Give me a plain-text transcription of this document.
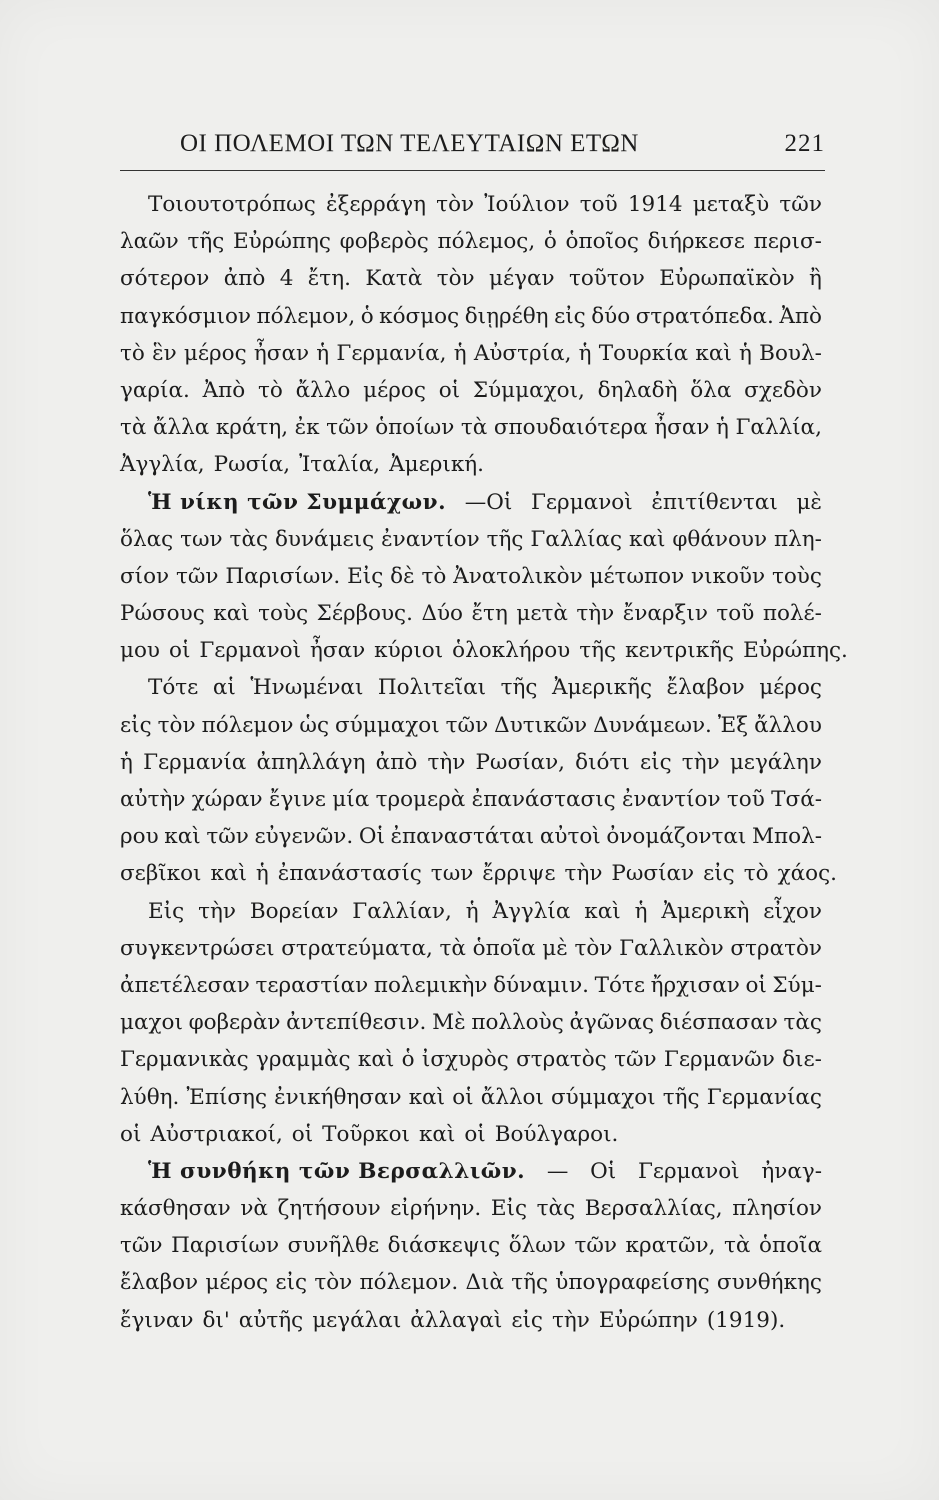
ΟΙ ΠΟΛΕΜΟΙ ΤΩΝ ΤΕΛΕΥΤΑΙΩΝ ΕΤΩΝ	221
Τοιουτοτρόπως ἐξερράγη τὸν Ἰούλιον τοῦ 1914 μεταξὺ τῶν
λαῶν τῆς Εὐρώπης φοβερὸς πόλεμος, ὁ ὁποῖος διήρκεσε περισ-
σότερον ἀπὸ 4 ἔτη. Κατὰ τὸν μέγαν τοῦτον Εὐρωπαϊκὸν ἢ
παγκόσμιον πόλεμον, ὁ κόσμος διῃρέθη εἰς δύο στρατόπεδα. Ἀπὸ
τὸ ἓν μέρος ἦσαν ἡ Γερμανία, ἡ Αὐστρία, ἡ Τουρκία καὶ ἡ Βουλ-
γαρία. Ἀπὸ τὸ ἄλλο μέρος οἱ Σύμμαχοι, δηλαδὴ ὅλα σχεδὸν
τὰ ἄλλα κράτη, ἐκ τῶν ὁποίων τὰ σπουδαιότερα ἦσαν ἡ Γαλλία,
Ἀγγλία, Ρωσία, Ἰταλία, Ἀμερική.
Ἡ νίκη τῶν Συμμάχων. —Οἱ Γερμανοὶ ἐπιτίθενται μὲ
ὅλας των τὰς δυνάμεις ἐναντίον τῆς Γαλλίας καὶ φθάνουν πλη-
σίον τῶν Παρισίων. Εἰς δὲ τὸ Ἀνατολικὸν μέτωπον νικοῦν τοὺς
Ρώσους καὶ τοὺς Σέρβους. Δύο ἔτη μετὰ τὴν ἔναρξιν τοῦ πολέ-
μου οἱ Γερμανοὶ ἦσαν κύριοι ὁλοκλήρου τῆς κεντρικῆς Εὐρώπης.
Τότε αἱ Ἡνωμέναι Πολιτεῖαι τῆς Ἀμερικῆς ἔλαβον μέρος
εἰς τὸν πόλεμον ὡς σύμμαχοι τῶν Δυτικῶν Δυνάμεων. Ἐξ ἄλλου
ἡ Γερμανία ἀπηλλάγη ἀπὸ τὴν Ρωσίαν, διότι εἰς τὴν μεγάλην
αὐτὴν χώραν ἔγινε μία τρομερὰ ἐπανάστασις ἐναντίον τοῦ Τσά-
ρου καὶ τῶν εὐγενῶν. Οἱ ἐπαναστάται αὐτοὶ ὀνομάζονται Μπολ-
σεβῖκοι καὶ ἡ ἐπανάστασίς των ἔρριψε τὴν Ρωσίαν εἰς τὸ χάος.
Εἰς τὴν Βορείαν Γαλλίαν, ἡ Ἀγγλία καὶ ἡ Ἀμερικὴ εἶχον
συγκεντρώσει στρατεύματα, τὰ ὁποῖα μὲ τὸν Γαλλικὸν στρατὸν
ἀπετέλεσαν τεραστίαν πολεμικὴν δύναμιν. Τότε ἤρχισαν οἱ Σύμ-
μαχοι φοβερὰν ἀντεπίθεσιν. Μὲ πολλοὺς ἀγῶνας διέσπασαν τὰς
Γερμανικὰς γραμμὰς καὶ ὁ ἰσχυρὸς στρατὸς τῶν Γερμανῶν διε-
λύθη. Ἐπίσης ἐνικήθησαν καὶ οἱ ἄλλοι σύμμαχοι τῆς Γερμανίας
οἱ Αὐστριακοί, οἱ Τοῦρκοι καὶ οἱ Βούλγαροι.
Ἡ συνθήκη τῶν Βερσαλλιῶν. — Οἱ Γερμανοὶ ἠναγ-
κάσθησαν νὰ ζητήσουν εἰρήνην. Εἰς τὰς Βερσαλλίας, πλησίον
τῶν Παρισίων συνῆλθε διάσκεψις ὅλων τῶν κρατῶν, τὰ ὁποῖα
ἔλαβον μέρος εἰς τὸν πόλεμον. Διὰ τῆς ὑπογραφείσης συνθήκης
ἔγιναν δι' αὐτῆς μεγάλαι ἀλλαγαὶ εἰς τὴν Εὐρώπην (1919).
